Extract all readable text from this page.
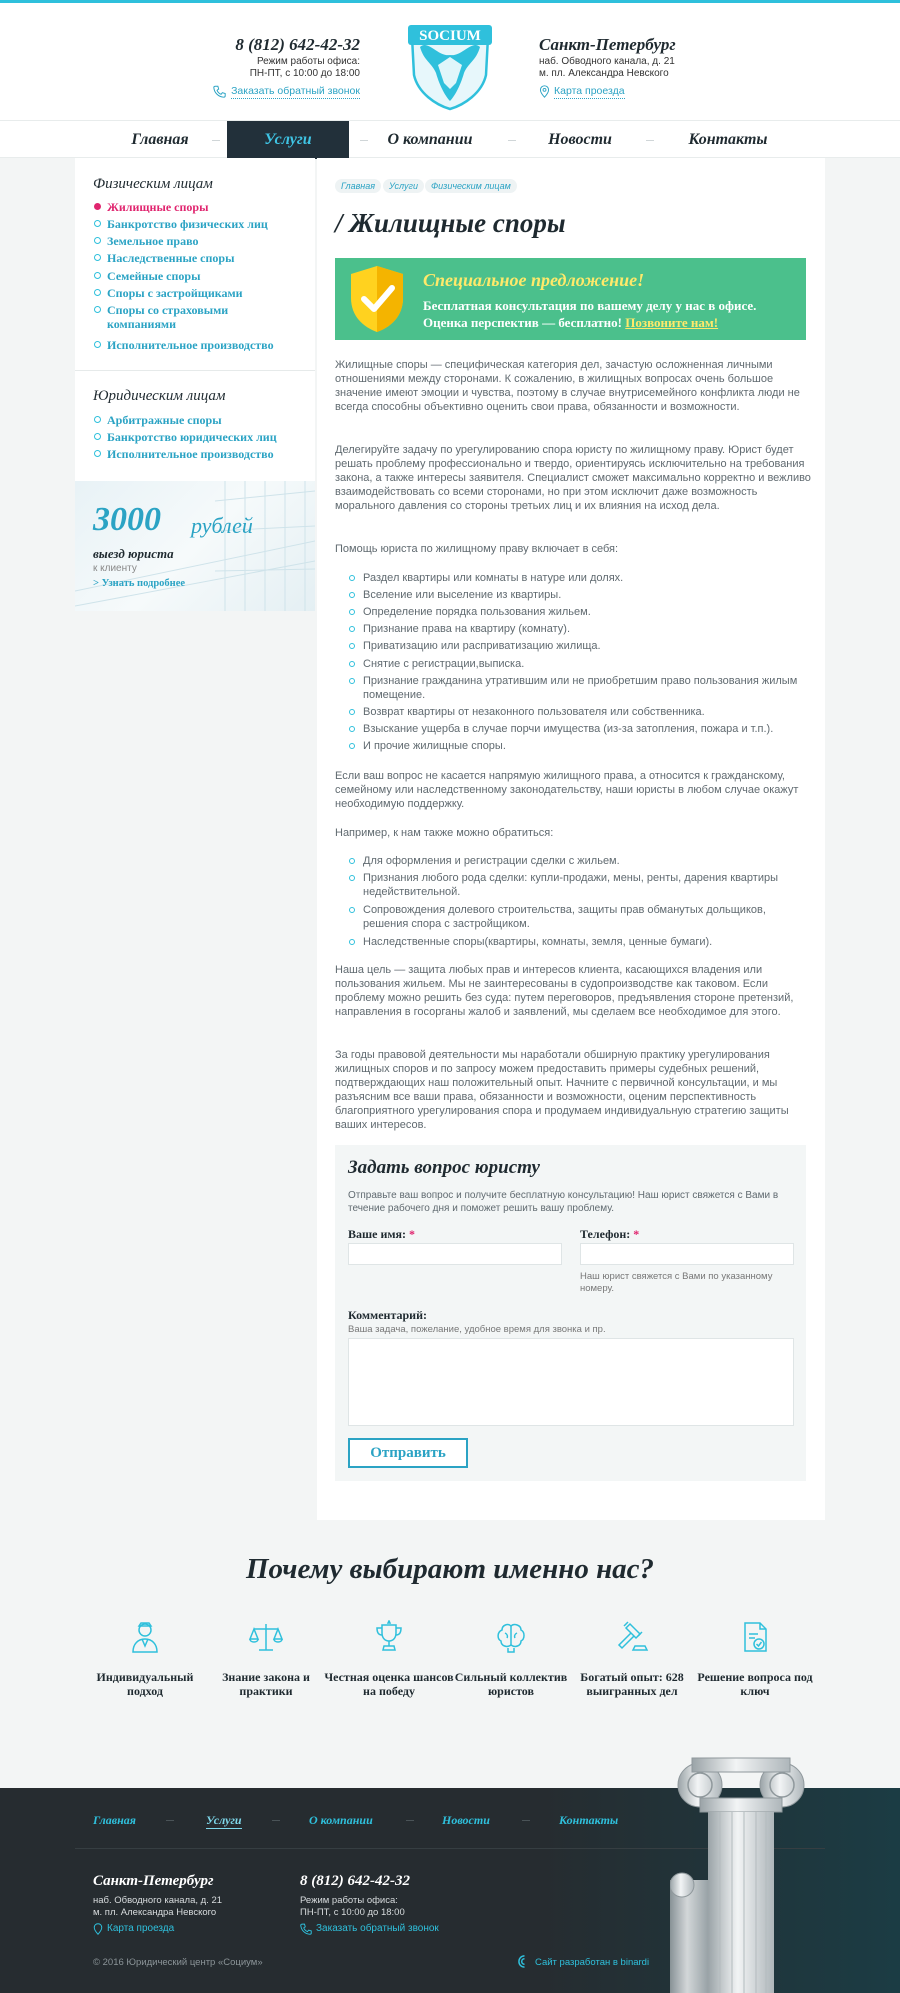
8 (812) 642-42-32
Режим работы офиса:
ПН-ПТ, с 10:00 до 18:00
Заказать обратный звонок
SOCIUM	Санкт-Петербург
наб. Обводного канала, д. 21
м. пл. Александра Невского
Карта проезда
Главная	Услуги	О компании	Новости	Контакты
Физическим лицам
Жилищные споры
Банкротство физических лиц
Земельное право
Наследственные споры
Семейные споры
Споры с застройщиками
Споры со страховыми компаниями
Исполнительное производство
Юридическим лицам
Арбитражные споры
Банкротство юридических лиц
Исполнительное производство
3000 рублей
выезд юриста
к клиенту
> Узнать подробнее
Главная	Услуги	Физическим лицам
/ Жилищные споры
Специальное предложение!
Бесплатная консультация по вашему делу у нас в офисе.
Оценка перспектив — бесплатно! Позвоните нам!
Жилищные споры — специфическая категория дел, зачастую осложненная личными отношениями между сторонами. К сожалению, в жилищных вопросах очень большое значение имеют эмоции и чувства, поэтому в случае внутрисемейного конфликта люди не всегда способны объективно оценить свои права, обязанности и возможности.
Делегируйте задачу по урегулированию спора юристу по жилищному праву. Юрист будет решать проблему профессионально и твердо, ориентируясь исключительно на требования закона, а также интересы заявителя. Специалист сможет максимально корректно и вежливо взаимодействовать со всеми сторонами, но при этом исключит даже возможность морального давления со стороны третьих лиц и их влияния на исход дела.
Помощь юриста по жилищному праву включает в себя:
Раздел квартиры или комнаты в натуре или долях.
Вселение или выселение из квартиры.
Определение порядка пользования жильем.
Признание права на квартиру (комнату).
Приватизацию или расприватизацию жилища.
Снятие с регистрации,выписка.
Признание гражданина утратившим или не приобретшим право пользования жилым помещение.
Возврат квартиры от незаконного пользователя или собственника.
Взыскание ущерба в случае порчи имущества (из-за затопления, пожара и т.п.).
И прочие жилищные споры.
Если ваш вопрос не касается напрямую жилищного права, а относится к гражданскому, семейному или наследственному законодательству, наши юристы в любом случае окажут необходимую поддержку.
Например, к нам также можно обратиться:
Для оформления и регистрации сделки с жильем.
Признания любого рода сделки: купли-продажи, мены, ренты, дарения квартиры недействительной.
Сопровождения долевого строительства, защиты прав обманутых дольщиков, решения спора с застройщиком.
Наследственные споры(квартиры, комнаты, земля, ценные бумаги).
Наша цель — защита любых прав и интересов клиента, касающихся владения или пользования жильем. Мы не заинтересованы в судопроизводстве как таковом. Если проблему можно решить без суда: путем переговоров, предъявления стороне претензий, направления в госорганы жалоб и заявлений, мы сделаем все необходимое для этого.
За годы правовой деятельности мы наработали обширную практику урегулирования жилищных споров и по запросу можем предоставить примеры судебных решений, подтверждающих наш положительный опыт. Начните с первичной консультации, и мы разъясним все ваши права, обязанности и возможности, оценим перспективность благоприятного урегулирования спора и продумаем индивидуальную стратегию защиты ваших интересов.
Задать вопрос юристу
Отправьте ваш вопрос и получите бесплатную консультацию! Наш юрист свяжется с Вами в течение рабочего дня и поможет решить вашу проблему.
Ваше имя: *	Телефон: *
Наш юрист свяжется с Вами по указанному номеру.
Комментарий:
Ваша задача, пожелание, удобное время для звонка и пр.
Отправить
Почему выбирают именно нас?
Индивидуальный подход
Знание закона и практики
Честная оценка шансов на победу
Сильный коллектив юристов
Богатый опыт: 628 выигранных дел
Решение вопроса под ключ
Главная	Услуги	О компании	Новости	Контакты
Санкт-Петербург
наб. Обводного канала, д. 21
м. пл. Александра Невского
Карта проезда
8 (812) 642-42-32
Режим работы офиса:
ПН-ПТ, с 10:00 до 18:00
Заказать обратный звонок
© 2016 Юридический центр «Социум»	Сайт разработан в binardi
